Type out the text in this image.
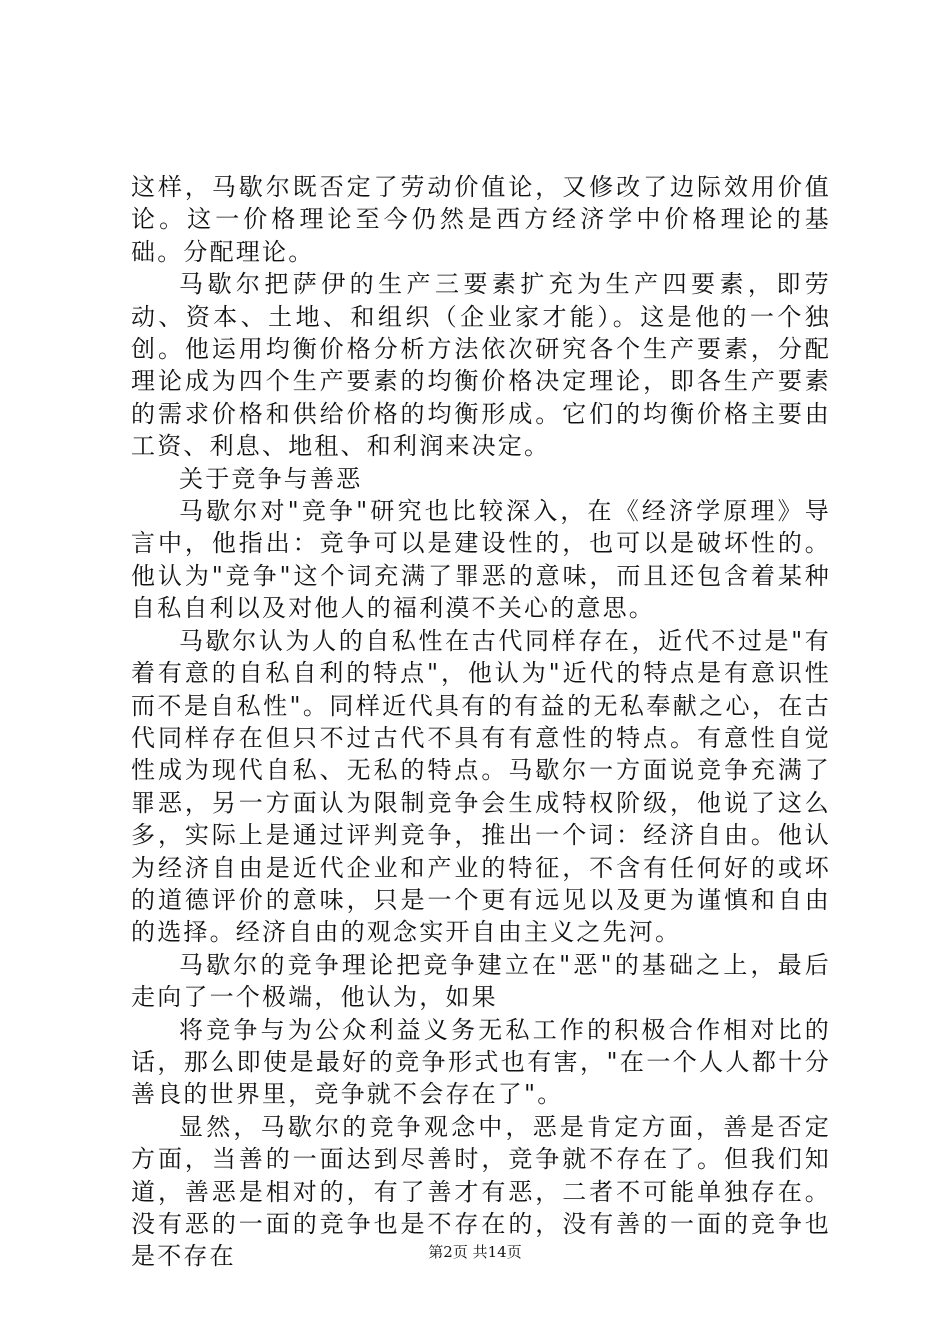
这样，马歇尔既否定了劳动价值论，又修改了边际效用价值论。这一价格理论至今仍然是西方经济学中价格理论的基础。分配理论。

马歇尔把萨伊的生产三要素扩充为生产四要素，即劳动、资本、土地、和组织（企业家才能）。这是他的一个独创。他运用均衡价格分析方法依次研究各个生产要素，分配理论成为四个生产要素的均衡价格决定理论，即各生产要素的需求价格和供给价格的均衡形成。它们的均衡价格主要由工资、利息、地租、和利润来决定。

关于竞争与善恶

马歇尔对"竞争"研究也比较深入，在《经济学原理》导言中，他指出：竞争可以是建设性的，也可以是破坏性的。他认为"竞争"这个词充满了罪恶的意味，而且还包含着某种自私自利以及对他人的福利漠不关心的意思。

马歇尔认为人的自私性在古代同样存在，近代不过是"有着有意的自私自利的特点"，他认为"近代的特点是有意识性而不是自私性"。同样近代具有的有益的无私奉献之心，在古代同样存在但只不过古代不具有有意性的特点。有意性自觉性成为现代自私、无私的特点。马歇尔一方面说竞争充满了罪恶，另一方面认为限制竞争会生成特权阶级，他说了这么多，实际上是通过评判竞争，推出一个词：经济自由。他认为经济自由是近代企业和产业的特征，不含有任何好的或坏的道德评价的意味，只是一个更有远见以及更为谨慎和自由的选择。经济自由的观念实开自由主义之先河。

马歇尔的竞争理论把竞争建立在"恶"的基础之上，最后走向了一个极端，他认为，如果

将竞争与为公众利益义务无私工作的积极合作相对比的话，那么即使是最好的竞争形式也有害，"在一个人人都十分善良的世界里，竞争就不会存在了"。

显然，马歇尔的竞争观念中，恶是肯定方面，善是否定方面，当善的一面达到尽善时，竞争就不存在了。但我们知道，善恶是相对的，有了善才有恶，二者不可能单独存在。没有恶的一面的竞争也是不存在的，没有善的一面的竞争也是不存在	第2页 共14页
